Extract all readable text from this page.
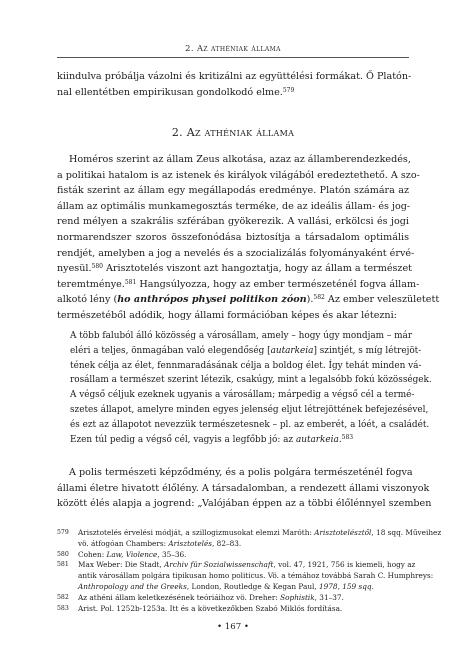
2. Az athéniak állama
kiindulva próbálja vázolni és kritizálni az együttélési formákat. Ő Platón-
nal ellentétben empirikusan gondolkodó elme.$^{579}$
2. Az athéniak állama
Homéros szerint az állam Zeus alkotása, azaz az államberendezkedés,
a politikai hatalom is az istenek és királyok világából eredeztethető. A szo-
fisták szerint az állam egy megállapodás eredménye. Platón számára az
állam az optimális munkamegosztás terméke, de az ideális állam- és jog-
rend mélyen a szakrális szférában gyökerezik. A vallási, erkölcsi és jogi
normarendszer szoros összefonódása biztosítja a társadalom optimális
rendjét, amelyben a jog a nevelés és a szocializálás folyományaként érvé-
nyesül.$^{580}$ Arisztotelés viszont azt hangoztatja, hogy az állam a természet
teremtménye.$^{581}$ Hangsúlyozza, hogy az ember természeténél fogva állam-
alkotó lény (ho anthrópos physei politikon zóon).$^{582}$ Az ember veleszületett
természetéből adódik, hogy állami formációban képes és akar létezni:
A több faluból álló közösség a városállam, amely – hogy úgy mondjam – már
eléri a teljes, önmagában való elegendőség [autarkeia] szintjét, s míg létrejöt-
tének célja az élet, fennmaradásának célja a boldog élet. Így tehát minden vá-
rosállam a természet szerint létezik, csakúgy, mint a legalsóbb fokú közösségek.
A végső céljuk ezeknek ugyanis a városállam; márpedig a végső cél a termé-
szetes állapot, amelyre minden egyes jelenség eljut létrejöttének befejezésével,
és ezt az állapotot nevezzük természetesnek – pl. az emberét, a lóét, a családét.
Ezen túl pedig a végső cél, vagyis a legfőbb jó: az autarkeia.$^{583}$
A polis természeti képződmény, és a polis polgára természeténél fogva
állami életre hivatott élőlény. A társadalomban, a rendezett állami viszonyok
között élés alapja a jogrend: „Valójában éppen az a többi élőlénnyel szemben
579 Arisztotelés érvelési módját, a szillogizmusokat elemzi Maróth: Arisztotelésztől, 18 sqq. Műveihez
vö. átfogóan Chambers: Arisztotelés, 82–83.
580 Cohen: Law, Violence, 35–36.
581 Max Weber: Die Stadt, Archiv für Sozialwissenschaft, vol. 47, 1921, 756 is kiemeli, hogy az
antik városállam polgára tipikusan homo politicus. Vö. a témához továbbá Sarah C. Humphreys:
Anthropology and the Greeks, London, Routledge & Kegan Paul, 1978, 159 sqq.
582 Az athéni állam keletkezésének teóriáihoz vö. Dreher: Sophistik, 31–37.
583 Arist. Pol. 1252b-1253a. Itt és a következőkben Szabó Miklós fordítása.
• 167 •
